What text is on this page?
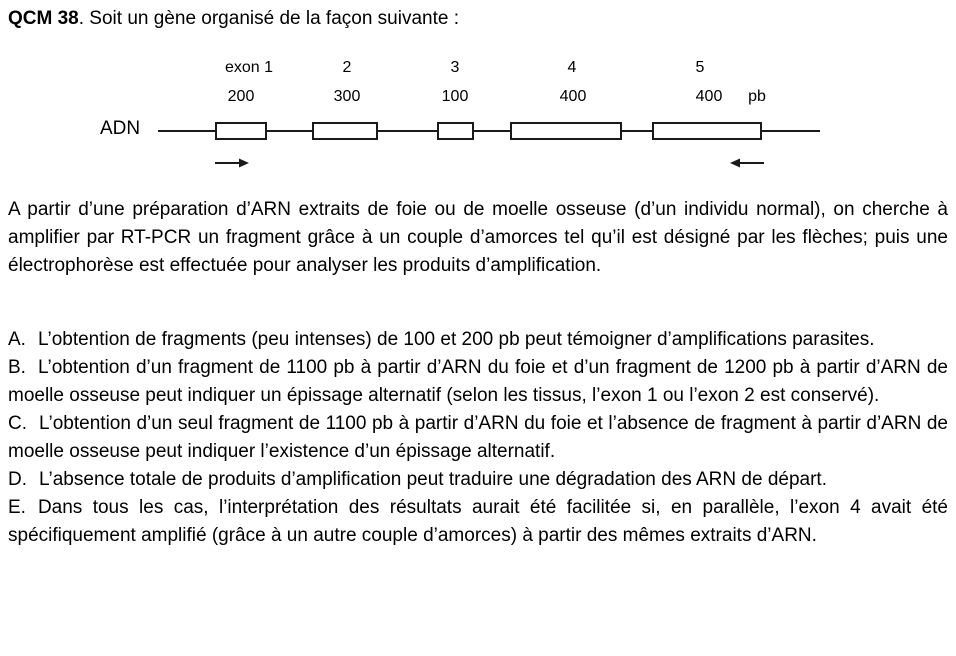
QCM 38. Soit un gène organisé de la façon suivante :
exon 1	2	3	4	5
200	300	100	400	400 pb
ADN
A partir d’une préparation d’ARN extraits de foie ou de moelle osseuse (d’un individu normal), on cherche à amplifier par RT-PCR un fragment grâce à un couple d’amorces tel qu’il est désigné par les flèches; puis une électrophorèse est effectuée pour analyser les produits d’amplification.

A. L’obtention de fragments (peu intenses) de 100 et 200 pb peut témoigner d’amplifications parasites.

B. L’obtention d’un fragment de 1100 pb à partir d’ARN du foie et d’un fragment de 1200 pb à partir d’ARN de moelle osseuse peut indiquer un épissage alternatif (selon les tissus, l’exon 1 ou l’exon 2 est conservé).

C. L’obtention d’un seul fragment de 1100 pb à partir d’ARN du foie et l’absence de fragment à partir d’ARN de moelle osseuse peut indiquer l’existence d’un épissage alternatif.

D. L’absence totale de produits d’amplification peut traduire une dégradation des ARN de départ.

E. Dans tous les cas, l’interprétation des résultats aurait été facilitée si, en parallèle, l’exon 4 avait été spécifiquement amplifié (grâce à un autre couple d’amorces) à partir des mêmes extraits d’ARN.
